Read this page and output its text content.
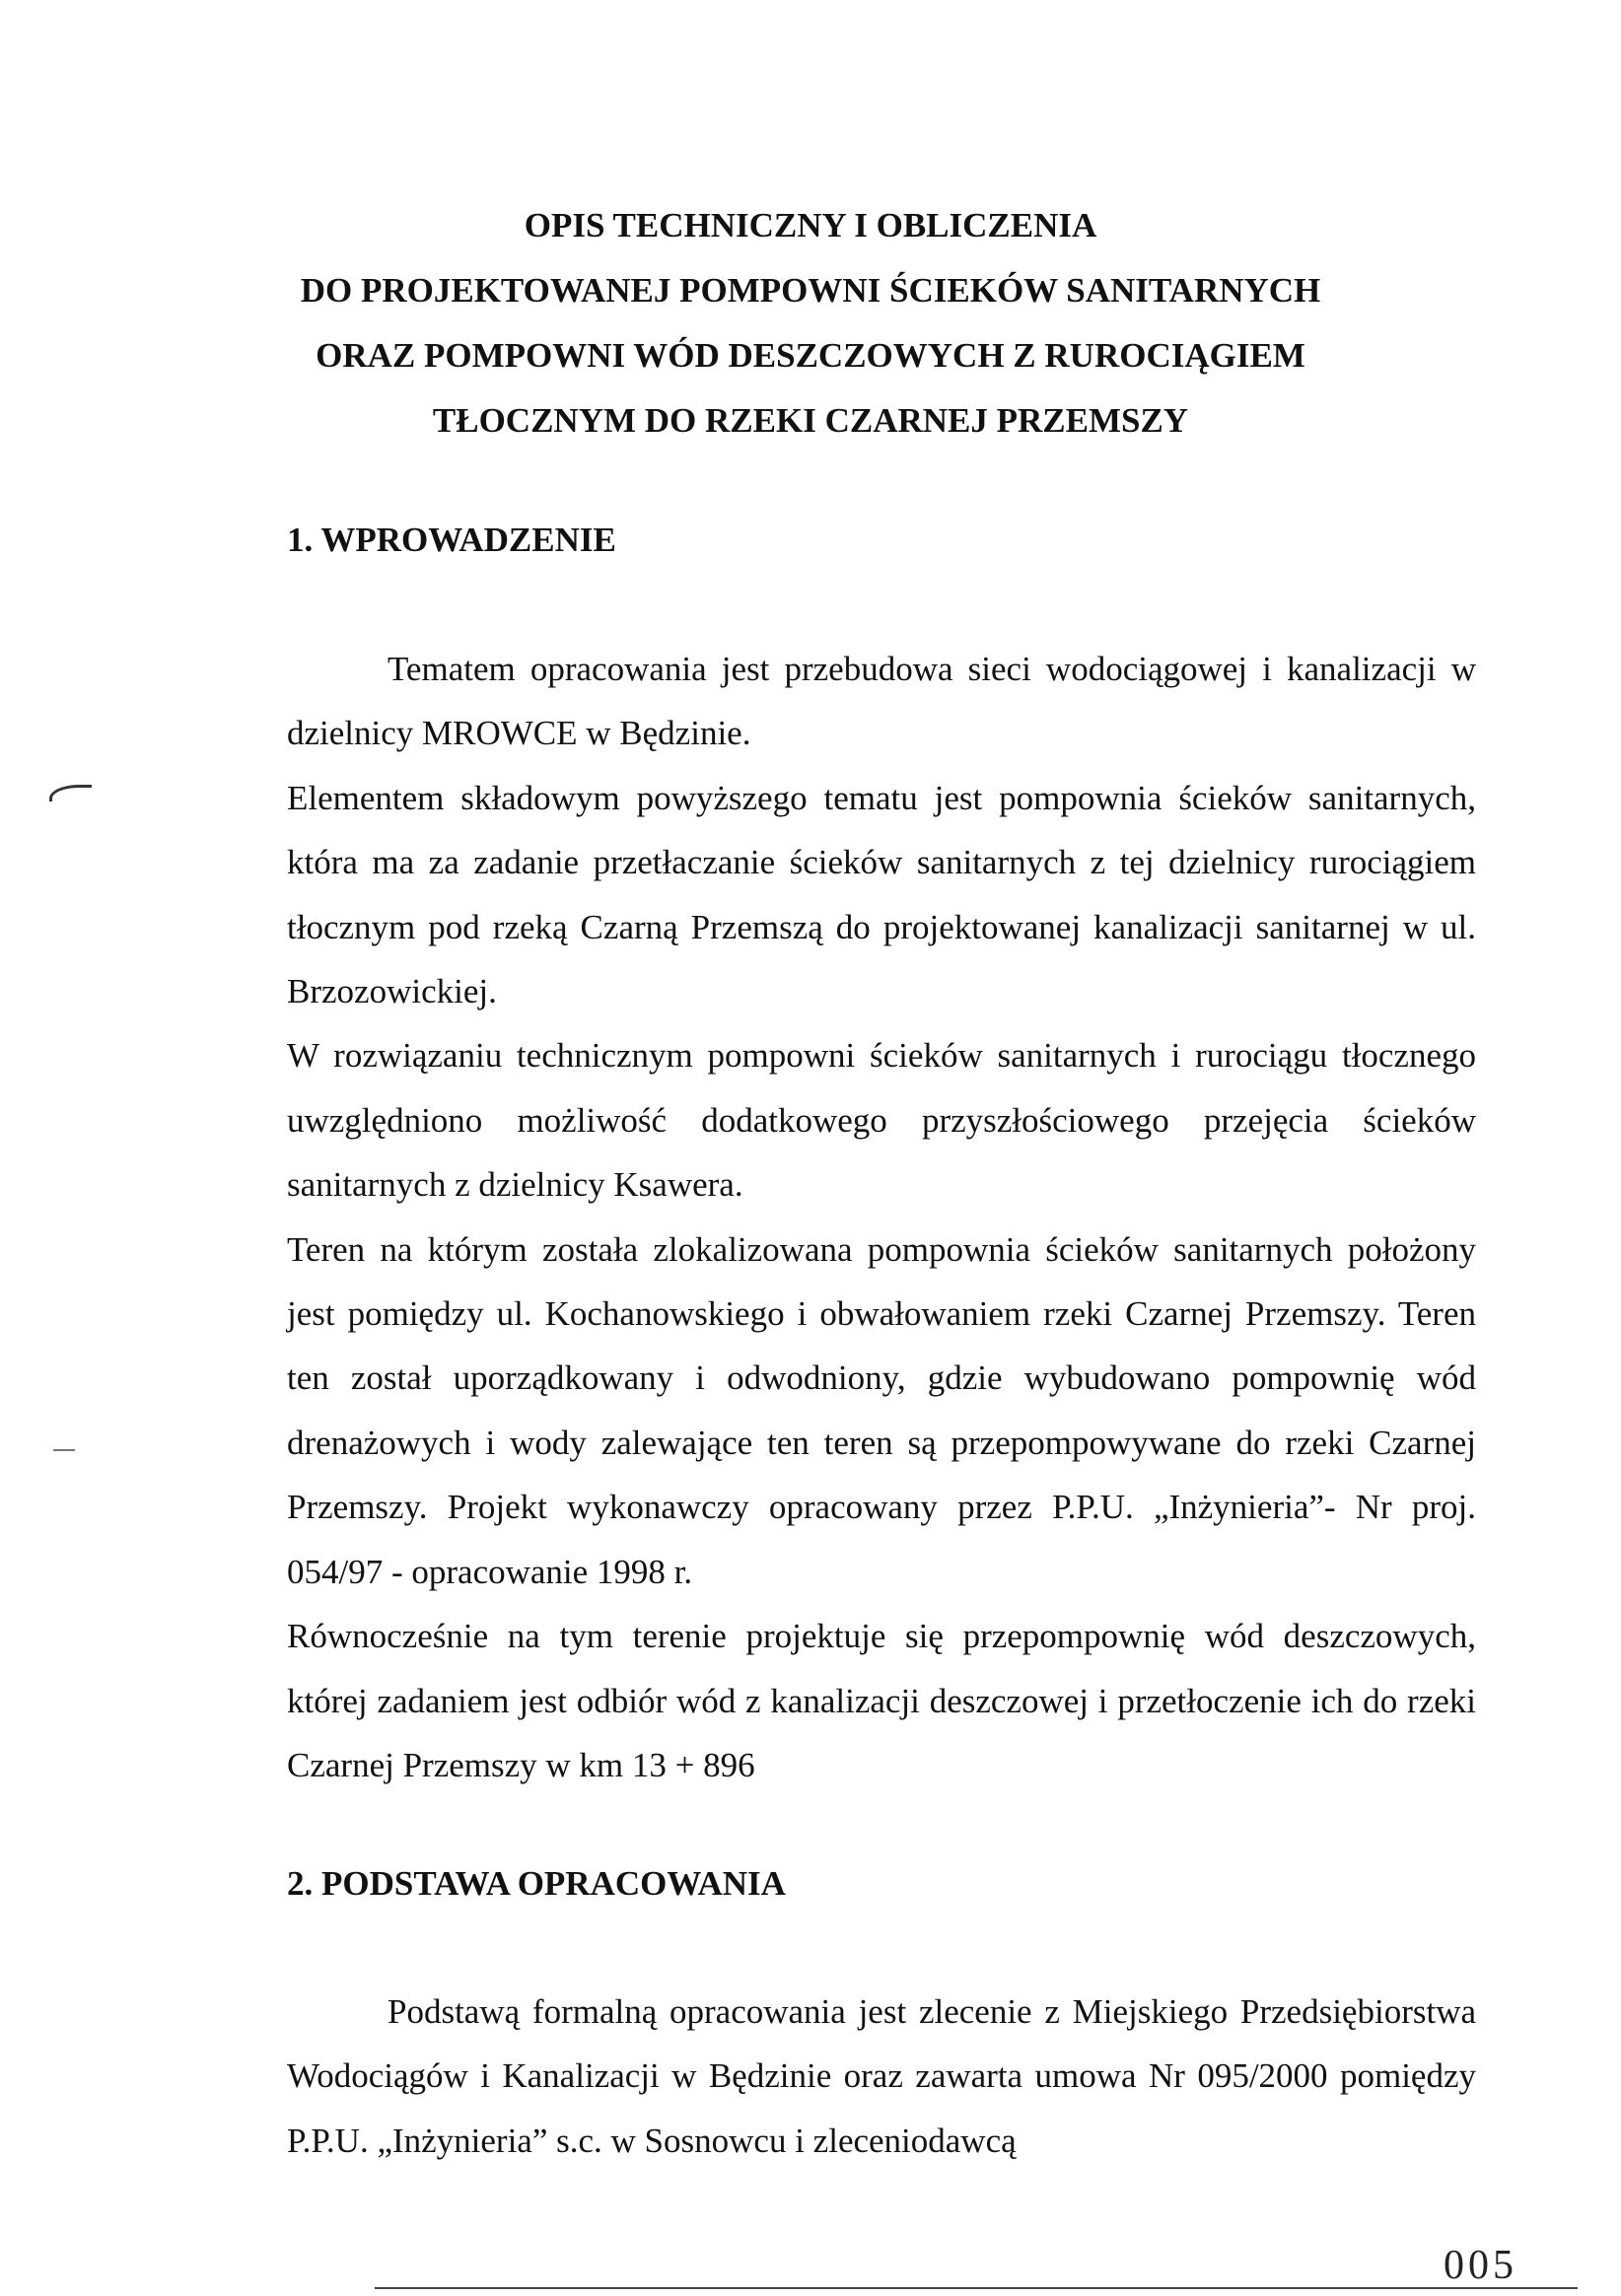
OPIS TECHNICZNY I OBLICZENIA
DO PROJEKTOWANEJ POMPOWNI ŚCIEKÓW SANITARNYCH
ORAZ POMPOWNI WÓD DESZCZOWYCH Z RUROCIĄGIEM
TŁOCZNYM DO RZEKI CZARNEJ PRZEMSZY
1. WPROWADZENIE

Tematem opracowania jest przebudowa sieci wodociągowej i kanalizacji w dzielnicy MROWCE w Będzinie.

Elementem składowym powyższego tematu jest pompownia ścieków sanitarnych, która ma za zadanie przetłaczanie ścieków sanitarnych z tej dzielnicy rurociągiem tłocznym pod rzeką Czarną Przemszą do projektowanej kanalizacji sanitarnej w ul. Brzozowickiej.

W rozwiązaniu technicznym pompowni ścieków sanitarnych i rurociągu tłocznego uwzględniono możliwość dodatkowego przyszłościowego przejęcia ścieków sanitarnych z dzielnicy Ksawera.

Teren na którym została zlokalizowana pompownia ścieków sanitarnych położony jest pomiędzy ul. Kochanowskiego i obwałowaniem rzeki Czarnej Przemszy. Teren ten został uporządkowany i odwodniony, gdzie wybudowano pompownię wód drenażowych i wody zalewające ten teren są przepompowywane do rzeki Czarnej Przemszy. Projekt wykonawczy opracowany przez P.P.U. „Inżynieria”- Nr proj. 054/97 - opracowanie 1998 r.

Równocześnie na tym terenie projektuje się przepompownię wód deszczowych, której zadaniem jest odbiór wód z kanalizacji deszczowej i przetłoczenie ich do rzeki Czarnej Przemszy w km 13 + 896

2. PODSTAWA OPRACOWANIA

Podstawą formalną opracowania jest zlecenie z Miejskiego Przedsiębiorstwa Wodociągów i Kanalizacji w Będzinie oraz zawarta umowa Nr 095/2000 pomiędzy P.P.U. „Inżynieria” s.c. w Sosnowcu i zleceniodawcą

005
